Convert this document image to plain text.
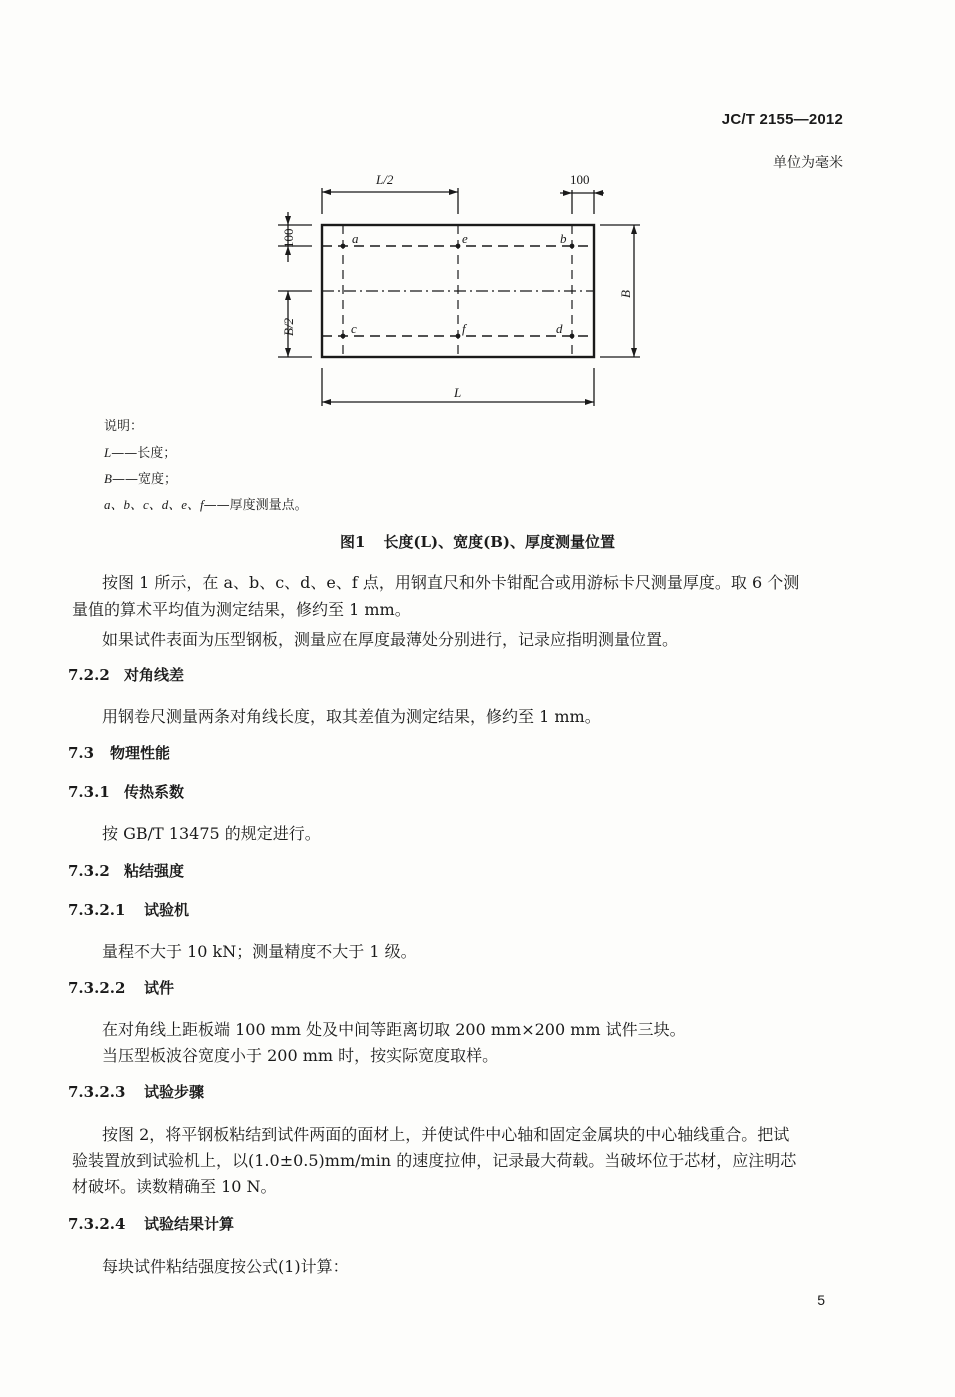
JC/T 2155—2012
单位为毫米
L/2	100
B
L
100
B/2
a	e	b
c	f	d
说明：
L——长度；
B——宽度；
a、b、c、d、e、f——厚度测量点。
图1 长度(L)、宽度(B)、厚度测量位置
按图 1 所示，在 a、b、c、d、e、f 点，用钢直尺和外卡钳配合或用游标卡尺测量厚度。取 6 个测
量值的算术平均值为测定结果，修约至 1 mm。
如果试件表面为压型钢板，测量应在厚度最薄处分别进行，记录应指明测量位置。
7.2.2 对角线差
用钢卷尺测量两条对角线长度，取其差值为测定结果，修约至 1 mm。
7.3 物理性能
7.3.1 传热系数
按 GB/T 13475 的规定进行。
7.3.2 粘结强度
7.3.2.1 试验机
量程不大于 10 kN；测量精度不大于 1 级。
7.3.2.2 试件
在对角线上距板端 100 mm 处及中间等距离切取 200 mm×200 mm 试件三块。
当压型板波谷宽度小于 200 mm 时，按实际宽度取样。
7.3.2.3 试验步骤
按图 2，将平钢板粘结到试件两面的面材上，并使试件中心轴和固定金属块的中心轴线重合。把试
验装置放到试验机上，以(1.0±0.5)mm/min 的速度拉伸，记录最大荷载。当破坏位于芯材，应注明芯
材破坏。读数精确至 10 N。
7.3.2.4 试验结果计算
每块试件粘结强度按公式(1)计算：
5
